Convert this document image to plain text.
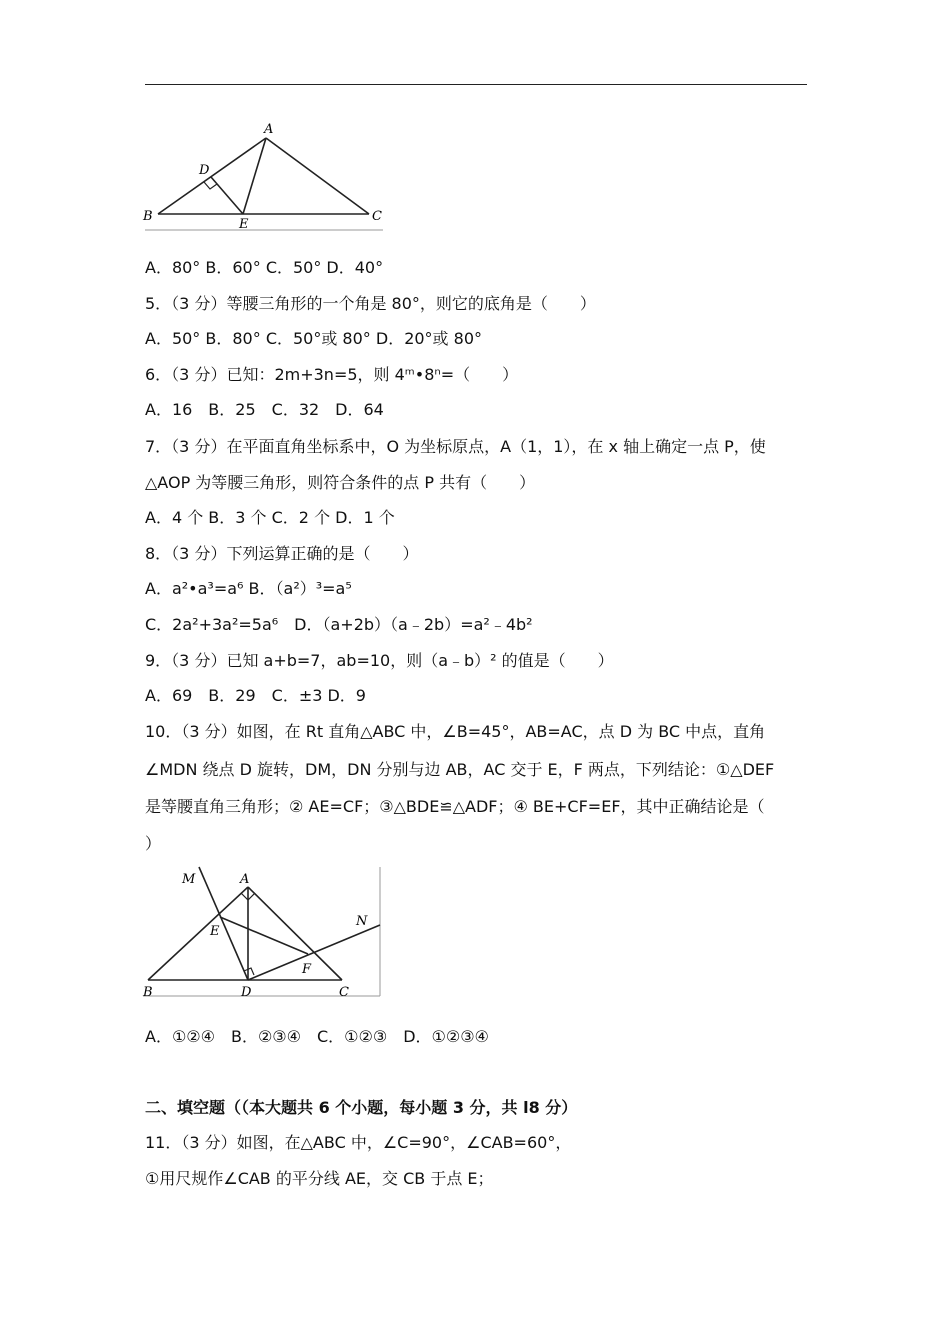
A
D
B
E
C
A．80° B．60° C．50° D．40°
5．（3 分）等腰三角形的一个角是 80°，则它的底角是（　　）
A．50° B．80° C．50°或 80° D．20°或 80°
6．（3 分）已知：2m+3n=5，则 4ᵐ•8ⁿ=（　　）
A．16　B．25　C．32　D．64
7．（3 分）在平面直角坐标系中，O 为坐标原点，A（1，1），在 x 轴上确定一点 P，使
△AOP 为等腰三角形，则符合条件的点 P 共有（　　）
A．4 个 B．3 个 C．2 个 D．1 个
8．（3 分）下列运算正确的是（　　）
A．a²•a³=a⁶ B．（a²）³=a⁵
C．2a²+3a²=5a⁶　D．（a+2b）（a﹣2b）=a²﹣4b²
9．（3 分）已知 a+b=7，ab=10，则（a﹣b）² 的值是（　　）
A．69　B．29　C．±3 D．9
10．（3 分）如图，在 Rt 直角△ABC 中，∠B=45°，AB=AC，点 D 为 BC 中点，直角
∠MDN 绕点 D 旋转，DM，DN 分别与边 AB，AC 交于 E，F 两点，下列结论：①△DEF
是等腰直角三角形；② AE=CF；③△BDE≌△ADF；④ BE+CF=EF，其中正确结论是（
）
M	A
N
E
F
B	D	C
A．①②④　B．②③④　C．①②③　D．①②③④
二、填空题（（本大题共 6 个小题，每小题 3 分，共 l8 分）
11．（3 分）如图，在△ABC 中，∠C=90°，∠CAB=60°，
①用尺规作∠CAB 的平分线 AE，交 CB 于点 E；
